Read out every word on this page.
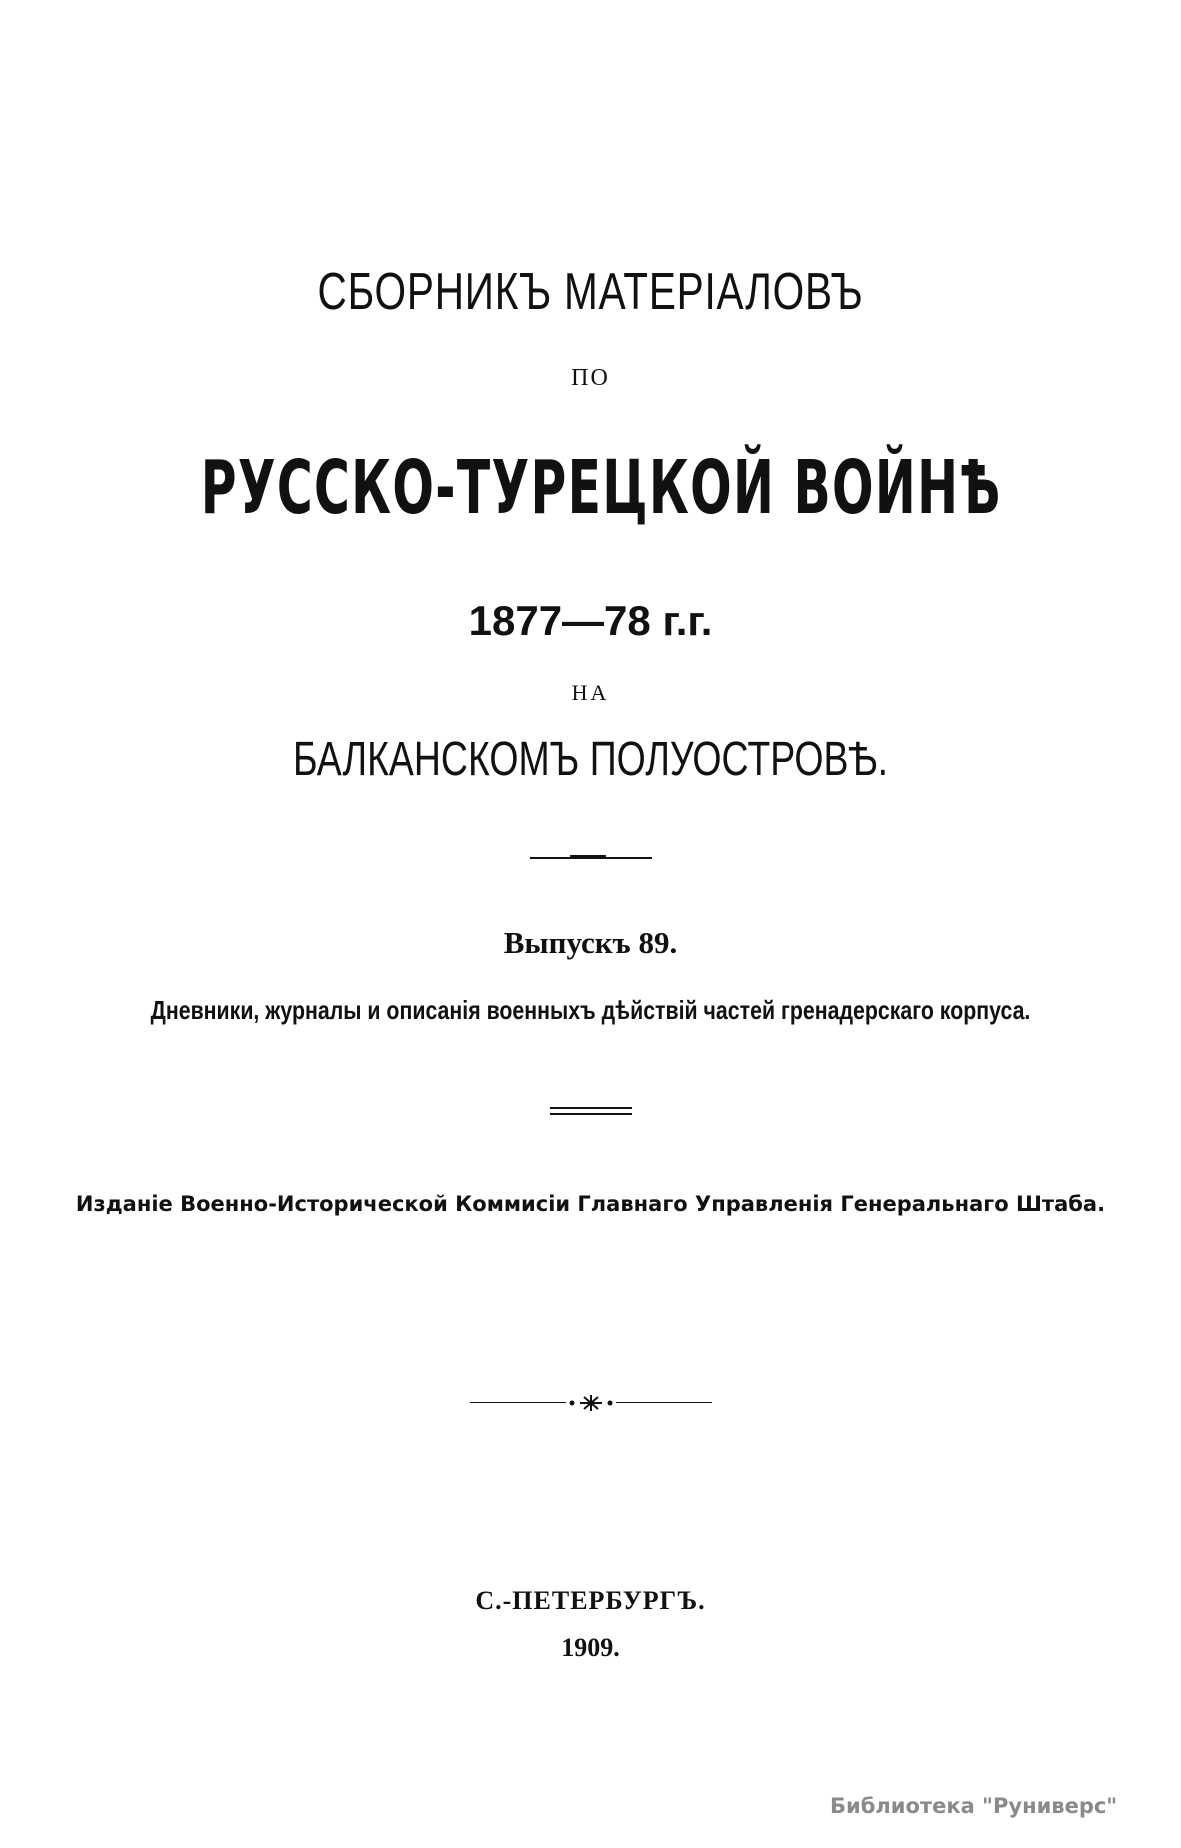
СБОРНИКЪ МАТЕРІАЛОВЪ
ПО
РУССКО-ТУРЕЦКОЙ ВОЙНѢ
1877—78 г.г.
НА
БАЛКАНСКОМЪ ПОЛУОСТРОВѢ.
Выпускъ 89.
Дневники, журналы и описанія военныхъ дѣйствій частей гренадерскаго корпуса.
Изданіе Военно-Исторической Коммисіи Главнаго Управленія Генеральнаго Штаба.
С.-ПЕТЕРБУРГЪ.
1909.
Библиотека "Руниверс"
